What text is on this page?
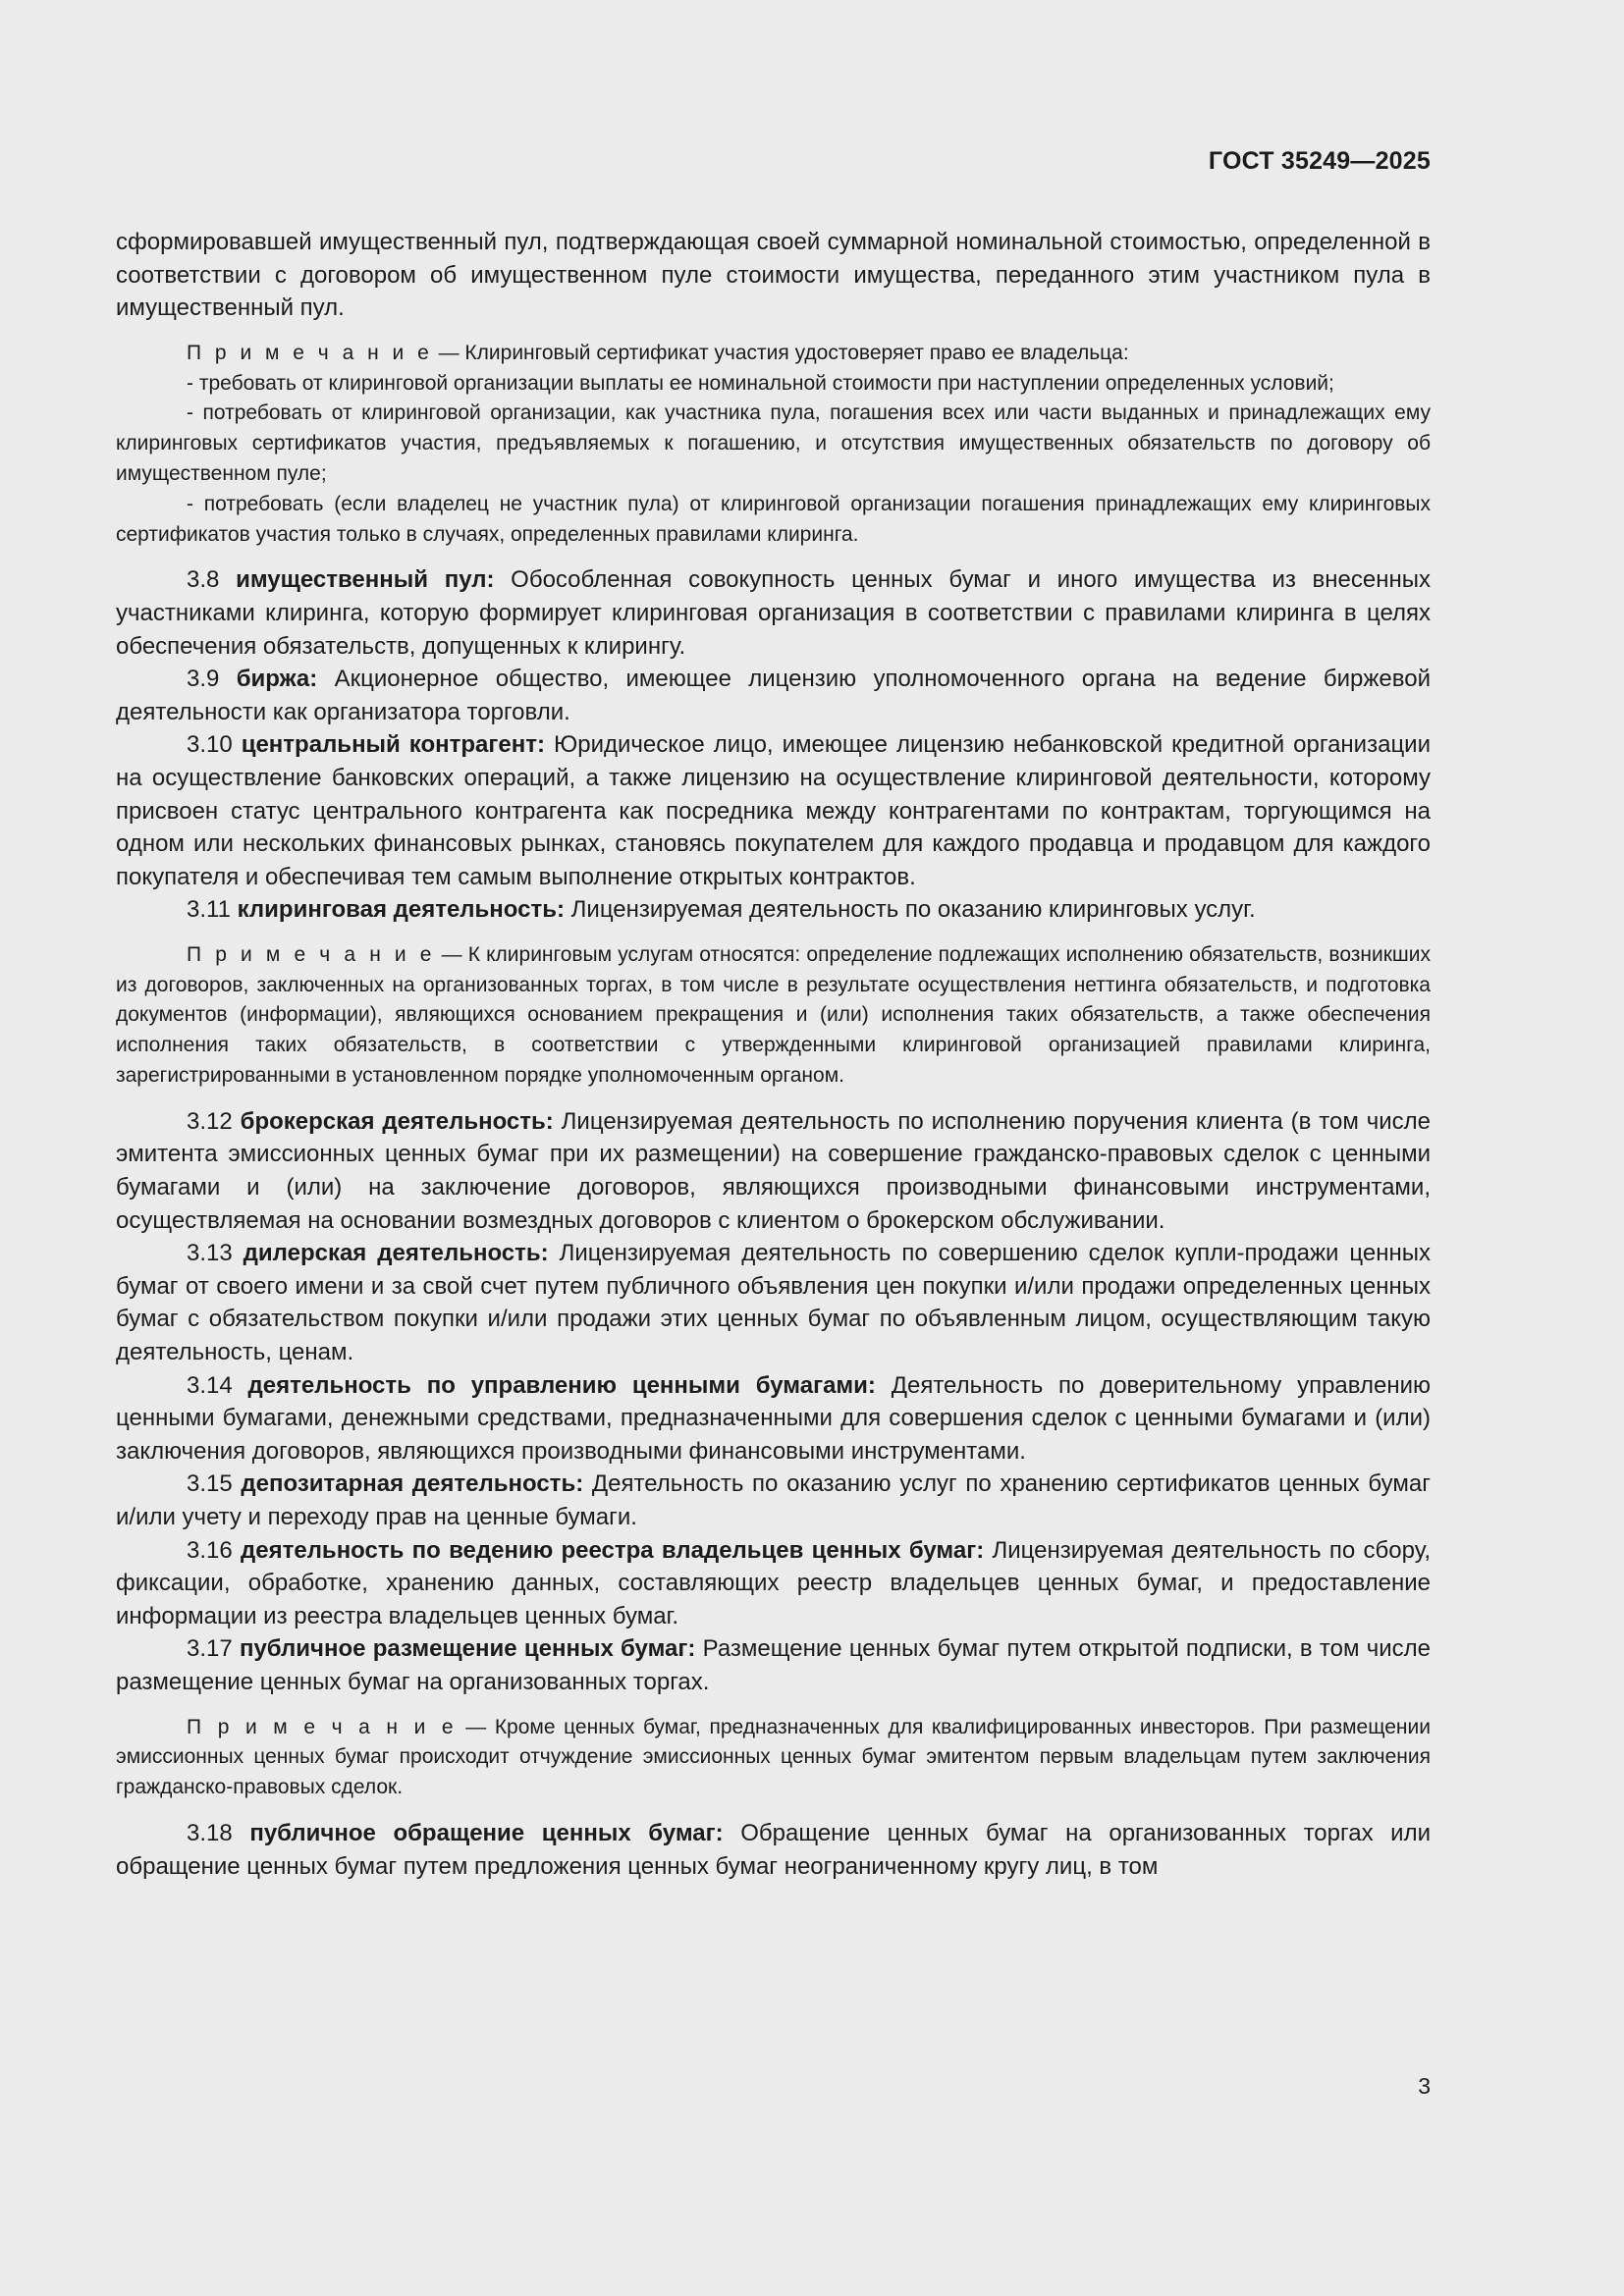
ГОСТ 35249—2025

сформировавшей имущественный пул, подтверждающая своей суммарной номинальной стоимостью, определенной в соответствии с договором об имущественном пуле стоимости имущества, переданного этим участником пула в имущественный пул.

П р и м е ч а н и е — Клиринговый сертификат участия удостоверяет право ее владельца:

- требовать от клиринговой организации выплаты ее номинальной стоимости при наступлении определенных условий;

- потребовать от клиринговой организации, как участника пула, погашения всех или части выданных и принадлежащих ему клиринговых сертификатов участия, предъявляемых к погашению, и отсутствия имущественных обязательств по договору об имущественном пуле;

- потребовать (если владелец не участник пула) от клиринговой организации погашения принадлежащих ему клиринговых сертификатов участия только в случаях, определенных правилами клиринга.

3.8 имущественный пул: Обособленная совокупность ценных бумаг и иного имущества из внесенных участниками клиринга, которую формирует клиринговая организация в соответствии с правилами клиринга в целях обеспечения обязательств, допущенных к клирингу.

3.9 биржа: Акционерное общество, имеющее лицензию уполномоченного органа на ведение биржевой деятельности как организатора торговли.

3.10 центральный контрагент: Юридическое лицо, имеющее лицензию небанковской кредитной организации на осуществление банковских операций, а также лицензию на осуществление клиринговой деятельности, которому присвоен статус центрального контрагента как посредника между контрагентами по контрактам, торгующимся на одном или нескольких финансовых рынках, становясь покупателем для каждого продавца и продавцом для каждого покупателя и обеспечивая тем самым выполнение открытых контрактов.

3.11 клиринговая деятельность: Лицензируемая деятельность по оказанию клиринговых услуг.

П р и м е ч а н и е — К клиринговым услугам относятся: определение подлежащих исполнению обязательств, возникших из договоров, заключенных на организованных торгах, в том числе в результате осуществления неттинга обязательств, и подготовка документов (информации), являющихся основанием прекращения и (или) исполнения таких обязательств, а также обеспечения исполнения таких обязательств, в соответствии с утвержденными клиринговой организацией правилами клиринга, зарегистрированными в установленном порядке уполномоченным органом.

3.12 брокерская деятельность: Лицензируемая деятельность по исполнению поручения клиента (в том числе эмитента эмиссионных ценных бумаг при их размещении) на совершение гражданско-правовых сделок с ценными бумагами и (или) на заключение договоров, являющихся производными финансовыми инструментами, осуществляемая на основании возмездных договоров с клиентом о брокерском обслуживании.

3.13 дилерская деятельность: Лицензируемая деятельность по совершению сделок купли-продажи ценных бумаг от своего имени и за свой счет путем публичного объявления цен покупки и/или продажи определенных ценных бумаг с обязательством покупки и/или продажи этих ценных бумаг по объявленным лицом, осуществляющим такую деятельность, ценам.

3.14 деятельность по управлению ценными бумагами: Деятельность по доверительному управлению ценными бумагами, денежными средствами, предназначенными для совершения сделок с ценными бумагами и (или) заключения договоров, являющихся производными финансовыми инструментами.

3.15 депозитарная деятельность: Деятельность по оказанию услуг по хранению сертификатов ценных бумаг и/или учету и переходу прав на ценные бумаги.

3.16 деятельность по ведению реестра владельцев ценных бумаг: Лицензируемая деятельность по сбору, фиксации, обработке, хранению данных, составляющих реестр владельцев ценных бумаг, и предоставление информации из реестра владельцев ценных бумаг.

3.17 публичное размещение ценных бумаг: Размещение ценных бумаг путем открытой подписки, в том числе размещение ценных бумаг на организованных торгах.

П р и м е ч а н и е — Кроме ценных бумаг, предназначенных для квалифицированных инвесторов. При размещении эмиссионных ценных бумаг происходит отчуждение эмиссионных ценных бумаг эмитентом первым владельцам путем заключения гражданско-правовых сделок.

3.18 публичное обращение ценных бумаг: Обращение ценных бумаг на организованных торгах или обращение ценных бумаг путем предложения ценных бумаг неограниченному кругу лиц, в том

3
